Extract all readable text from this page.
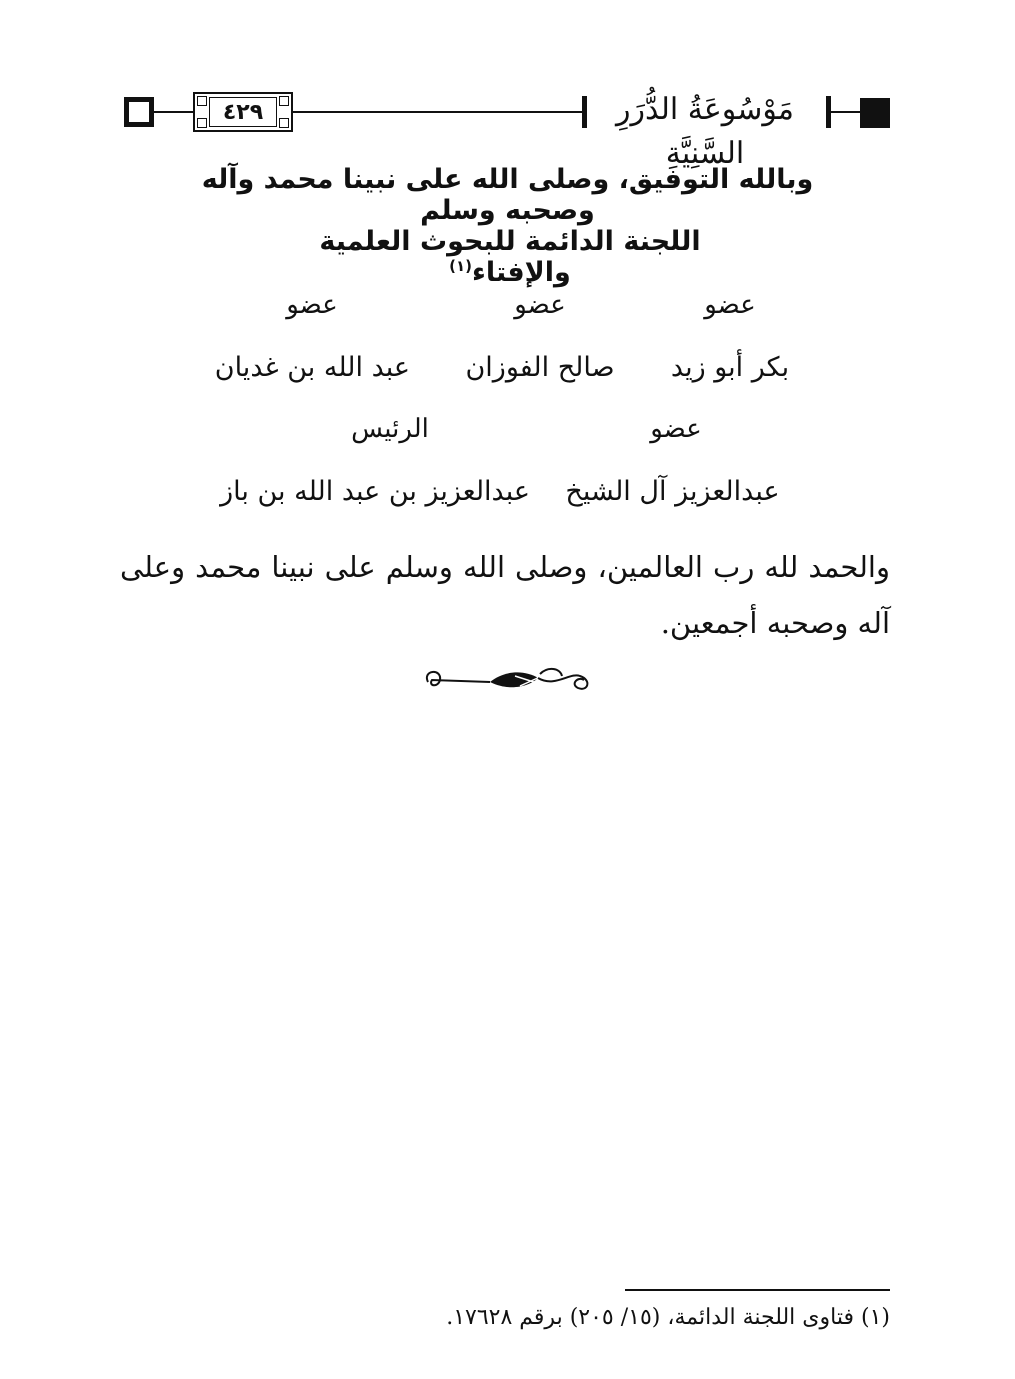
٤٢٩	مَوْسُوعَةُ الدُّرَرِ السَّنِيَّةِ
وبالله التوفيق، وصلى الله على نبينا محمد وآله وصحبه وسلم
اللجنة الدائمة للبحوث العلمية والإفتاء$^{(١)}$
عضو
عضو
عضو
بكر أبو زيد
صالح الفوزان
عبد الله بن غديان
عضو
الرئيس
عبدالعزيز آل الشيخ
عبدالعزيز بن عبد الله بن باز
والحمد لله رب العالمين، وصلى الله وسلم على نبينا محمد وعلى
آله وصحبه أجمعين.
(١) فتاوى اللجنة الدائمة، (١٥/ ٢٠٥) برقم ١٧٦٢٨.
